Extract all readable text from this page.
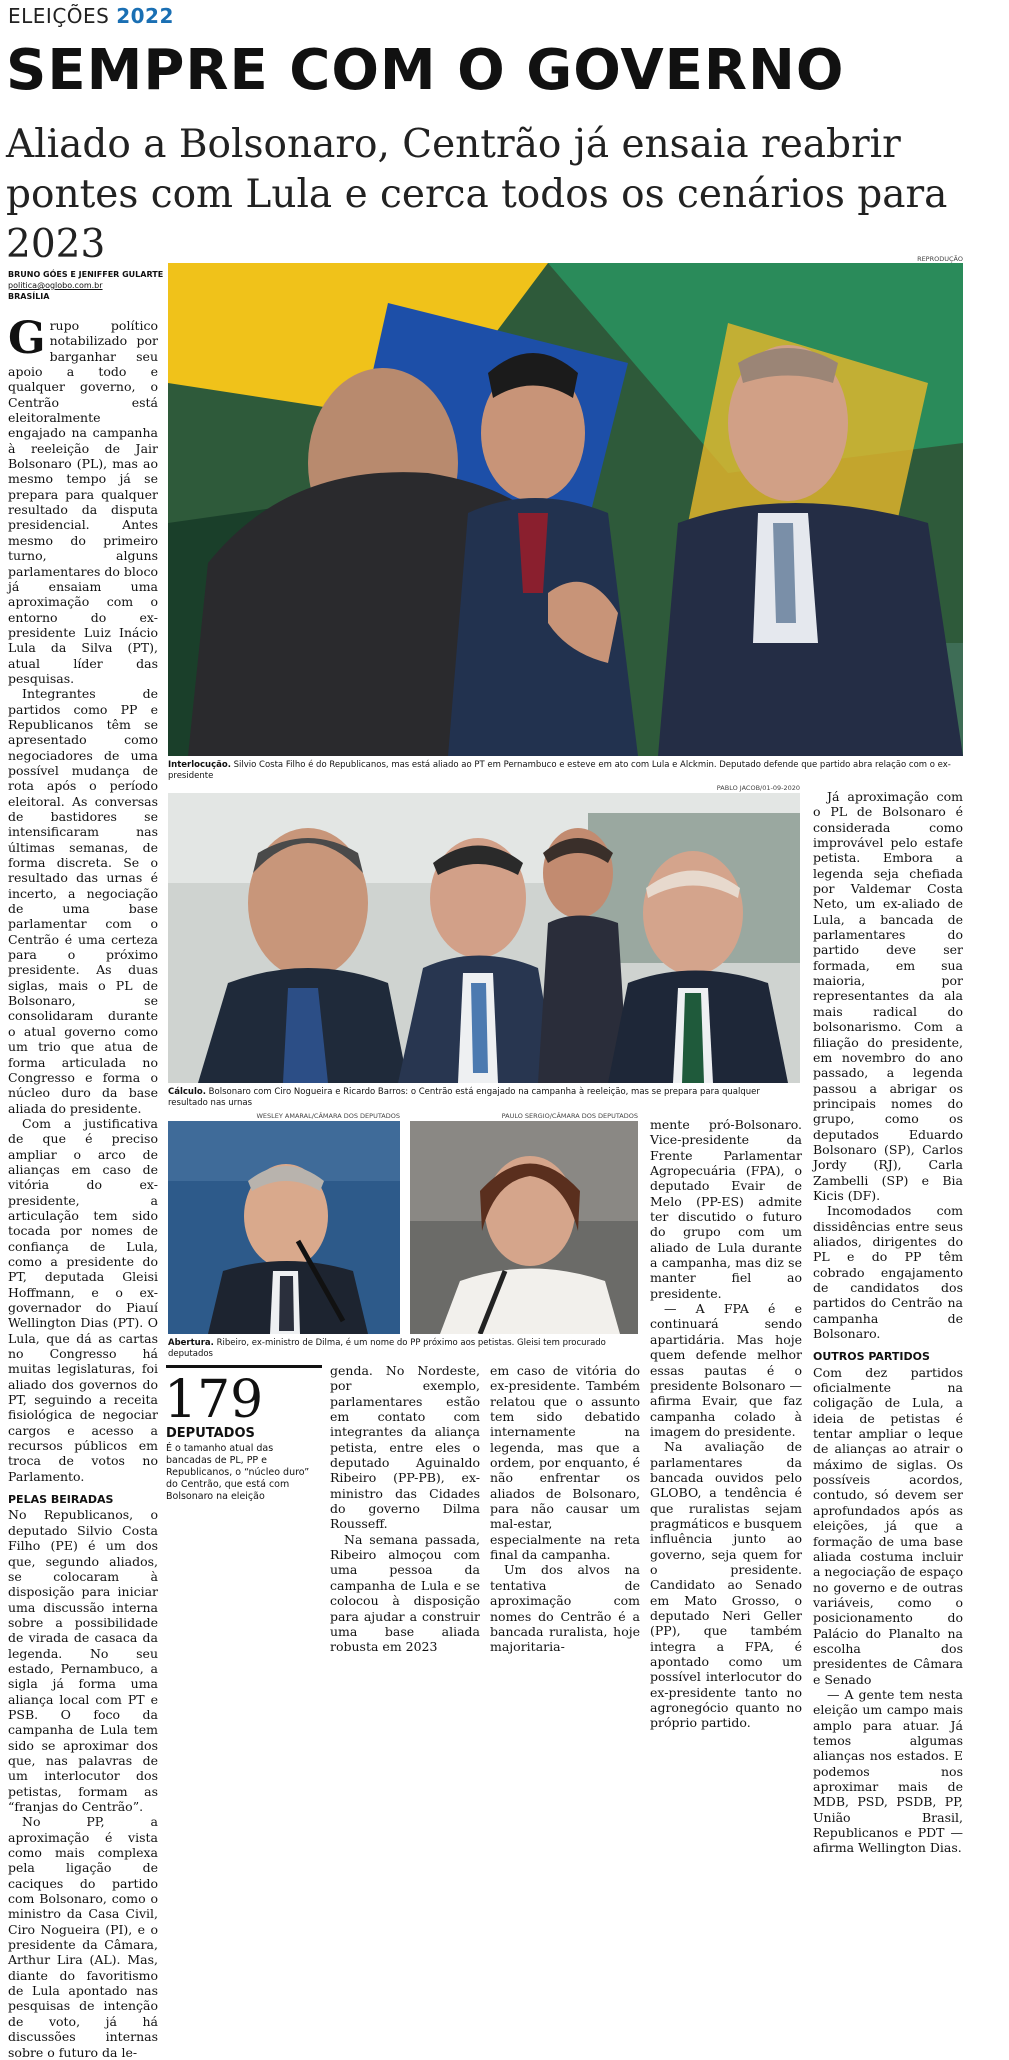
ELEIÇÕES 2022
SEMPRE COM O GOVERNO
Aliado a Bolsonaro, Centrão já ensaia reabrir pontes com Lula e cerca todos os cenários para 2023
BRUNO GÓES E JENIFFER GULARTE
politica@oglobo.com.br
BRASÍLIA

Grupo político notabilizado por barganhar seu apoio a todo e qualquer governo, o Centrão está eleitoralmente engajado na campanha à reeleição de Jair Bolsonaro (PL), mas ao mesmo tempo já se prepara para qualquer resultado da disputa presidencial. Antes mesmo do primeiro turno, alguns parlamentares do bloco já ensaiam uma aproximação com o entorno do ex-presidente Luiz Inácio Lula da Silva (PT), atual líder das pesquisas.

Integrantes de partidos como PP e Republicanos têm se apresentado como negociadores de uma possível mudança de rota após o período eleitoral. As conversas de bastidores se intensificaram nas últimas semanas, de forma discreta. Se o resultado das urnas é incerto, a negociação de uma base parlamentar com o Centrão é uma certeza para o próximo presidente. As duas siglas, mais o PL de Bolsonaro, se consolidaram durante o atual governo como um trio que atua de forma articulada no Congresso e forma o núcleo duro da base aliada do presidente.

Com a justificativa de que é preciso ampliar o arco de alianças em caso de vitória do ex-presidente, a articulação tem sido tocada por nomes de confiança de Lula, como a presidente do PT, deputada Gleisi Hoffmann, e o ex-governador do Piauí Wellington Dias (PT). O Lula, que dá as cartas no Congresso há muitas legislaturas, foi aliado dos governos do PT, seguindo a receita fisiológica de negociar cargos e acesso a recursos públicos em troca de votos no Parlamento.

PELAS BEIRADAS

No Republicanos, o deputado Silvio Costa Filho (PE) é um dos que, segundo aliados, se colocaram à disposição para iniciar uma discussão interna sobre a possibilidade de virada de casaca da legenda. No seu estado, Pernambuco, a sigla já forma uma aliança local com PT e PSB. O foco da campanha de Lula tem sido se aproximar dos que, nas palavras de um interlocutor dos petistas, formam as “franjas do Centrão”.

No PP, a aproximação é vista como mais complexa pela ligação de caciques do partido com Bolsonaro, como o ministro da Casa Civil, Ciro Nogueira (PI), e o presidente da Câmara, Arthur Lira (AL). Mas, diante do favoritismo de Lula apontado nas pesquisas de intenção de voto, já há discussões internas sobre o futuro da le-

REPRODUÇÃO
Interlocução. Silvio Costa Filho é do Republicanos, mas está aliado ao PT em Pernambuco e esteve em ato com Lula e Alckmin. Deputado defende que partido abra relação com o ex-presidente
PABLO JACOB/01-09-2020
Cálculo. Bolsonaro com Ciro Nogueira e Ricardo Barros: o Centrão está engajado na campanha à reeleição, mas se prepara para qualquer resultado nas urnas
WESLEY AMARAL/CÂMARA DOS DEPUTADOS	PAULO SERGIO/CÂMARA DOS DEPUTADOS
Abertura. Ribeiro, ex-ministro de Dilma, é um nome do PP próximo aos petistas. Gleisi tem procurado deputados
179
DEPUTADOS
É o tamanho atual das bancadas de PL, PP e Republicanos, o “núcleo duro” do Centrão, que está com Bolsonaro na eleição

genda. No Nordeste, por exemplo, parlamentares estão em contato com integrantes da aliança petista, entre eles o deputado Aguinaldo Ribeiro (PP-PB), ex-ministro das Cidades do governo Dilma Rousseff.

Na semana passada, Ribeiro almoçou com uma pessoa da campanha de Lula e se colocou à disposição para ajudar a construir uma base aliada robusta em 2023

em caso de vitória do ex-presidente. Também relatou que o assunto tem sido debatido internamente na legenda, mas que a ordem, por enquanto, é não enfrentar os aliados de Bolsonaro, para não causar um mal-estar, especialmente na reta final da campanha.

Um dos alvos na tentativa de aproximação com nomes do Centrão é a bancada ruralista, hoje majoritaria-

mente pró-Bolsonaro. Vice-presidente da Frente Parlamentar Agropecuária (FPA), o deputado Evair de Melo (PP-ES) admite ter discutido o futuro do grupo com um aliado de Lula durante a campanha, mas diz se manter fiel ao presidente.

— A FPA é e continuará sendo apartidária. Mas hoje quem defende melhor essas pautas é o presidente Bolsonaro — afirma Evair, que faz campanha colado à imagem do presidente.

Na avaliação de parlamentares da bancada ouvidos pelo GLOBO, a tendência é que ruralistas sejam pragmáticos e busquem influência junto ao governo, seja quem for o presidente. Candidato ao Senado em Mato Grosso, o deputado Neri Geller (PP), que também integra a FPA, é apontado como um possível interlocutor do ex-presidente tanto no agronegócio quanto no próprio partido.

Já aproximação com o PL de Bolsonaro é considerada como improvável pelo estafe petista. Embora a legenda seja chefiada por Valdemar Costa Neto, um ex-aliado de Lula, a bancada de parlamentares do partido deve ser formada, em sua maioria, por representantes da ala mais radical do bolsonarismo. Com a filiação do presidente, em novembro do ano passado, a legenda passou a abrigar os principais nomes do grupo, como os deputados Eduardo Bolsonaro (SP), Carlos Jordy (RJ), Carla Zambelli (SP) e Bia Kicis (DF).

Incomodados com dissidências entre seus aliados, dirigentes do PL e do PP têm cobrado engajamento de candidatos dos partidos do Centrão na campanha de Bolsonaro.

OUTROS PARTIDOS

Com dez partidos oficialmente na coligação de Lula, a ideia de petistas é tentar ampliar o leque de alianças ao atrair o máximo de siglas. Os possíveis acordos, contudo, só devem ser aprofundados após as eleições, já que a formação de uma base aliada costuma incluir a negociação de espaço no governo e de outras variáveis, como o posicionamento do Palácio do Planalto na escolha dos presidentes de Câmara e Senado

— A gente tem nesta eleição um campo mais amplo para atuar. Já temos algumas alianças nos estados. E podemos nos aproximar mais de MDB, PSD, PSDB, PP, União Brasil, Republicanos e PDT — afirma Wellington Dias.
